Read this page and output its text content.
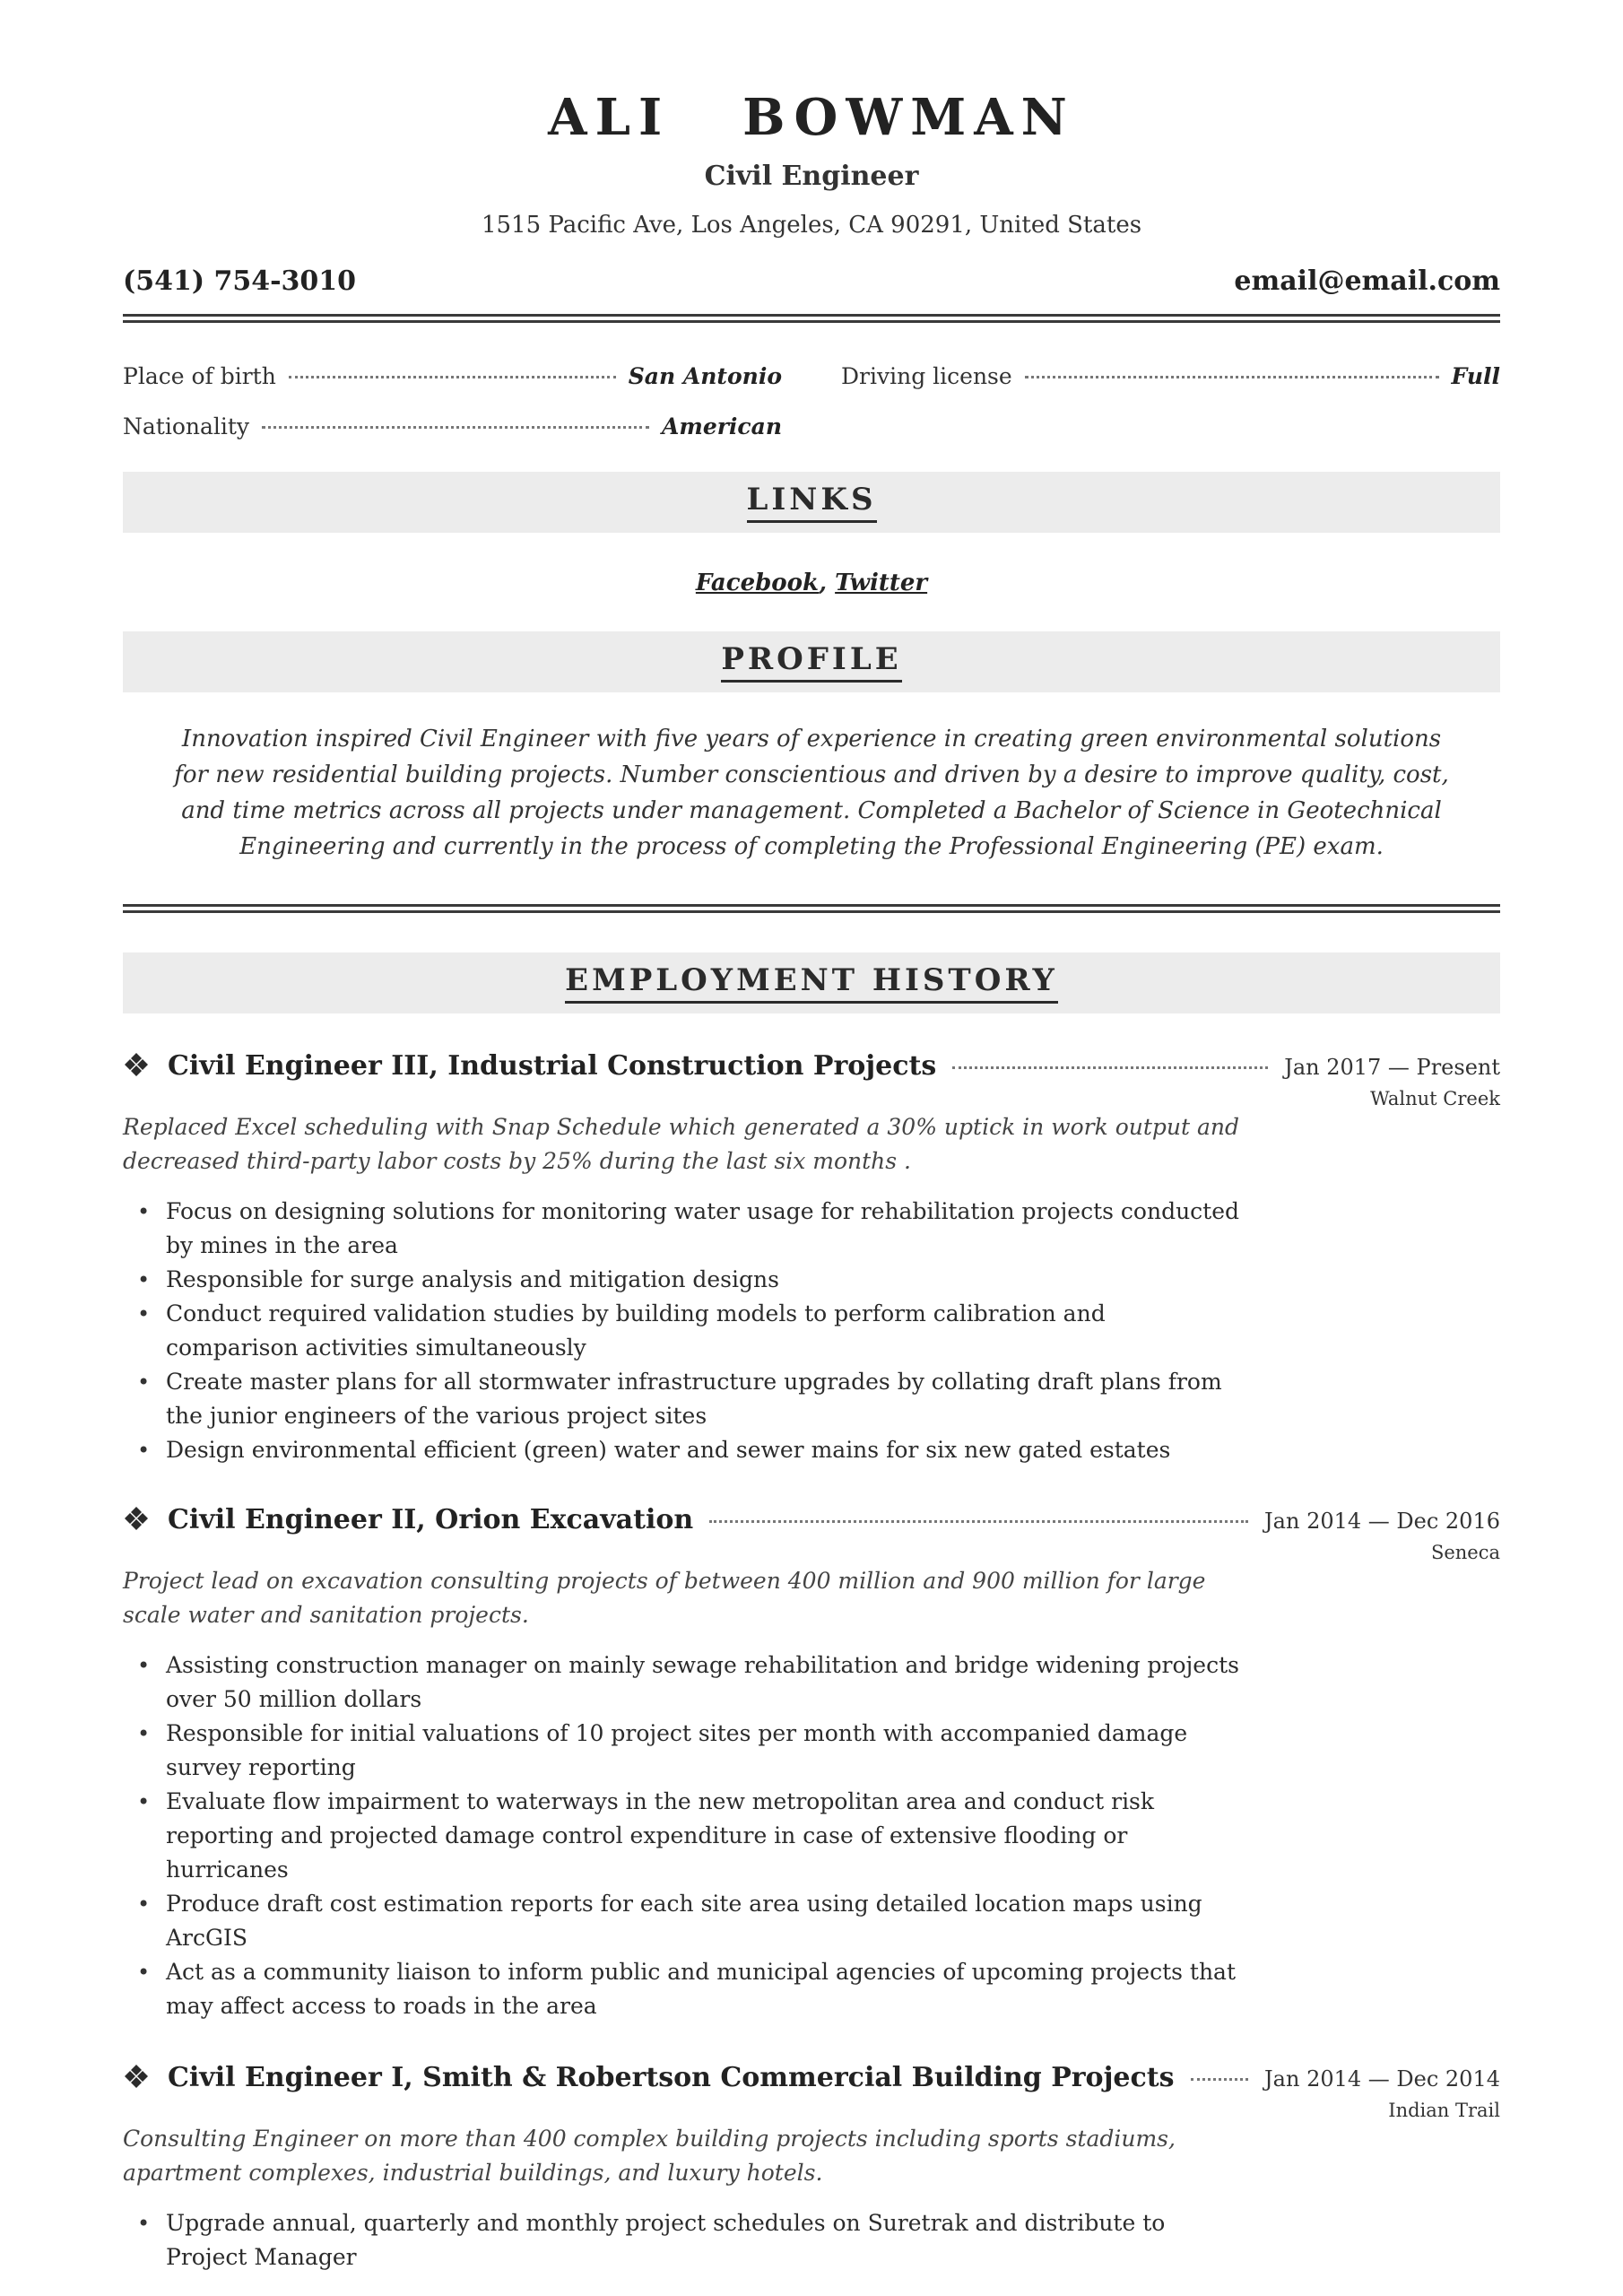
ALI  BOWMAN
Civil Engineer
1515 Pacific Ave, Los Angeles, CA 90291, United States
(541) 754-3010	email@email.com
Place of birth	San Antonio	Driving license	Full
Nationality	American
LINKS
Facebook, Twitter
PROFILE
Innovation inspired Civil Engineer with five years of experience in creating green environmental solutions for new residential building projects. Number conscientious and driven by a desire to improve quality, cost, and time metrics across all projects under management. Completed a Bachelor of Science in Geotechnical Engineering and currently in the process of completing the Professional Engineering (PE) exam.
EMPLOYMENT HISTORY
Civil Engineer III, Industrial Construction Projects	Jan 2017 — Present
Walnut Creek
Replaced Excel scheduling with Snap Schedule which generated a 30% uptick in work output and decreased third-party labor costs by 25% during the last six months .
• Focus on designing solutions for monitoring water usage for rehabilitation projects conducted by mines in the area
• Responsible for surge analysis and mitigation designs
• Conduct required validation studies by building models to perform calibration and comparison activities simultaneously
• Create master plans for all stormwater infrastructure upgrades by collating draft plans from the junior engineers of the various project sites
• Design environmental efficient (green) water and sewer mains for six new gated estates
Civil Engineer II, Orion Excavation	Jan 2014 — Dec 2016
Seneca
Project lead on excavation consulting projects of between 400 million and 900 million for large scale water and sanitation projects.
• Assisting construction manager on mainly sewage rehabilitation and bridge widening projects over 50 million dollars
• Responsible for initial valuations of 10 project sites per month with accompanied damage survey reporting
• Evaluate flow impairment to waterways in the new metropolitan area and conduct risk reporting and projected damage control expenditure in case of extensive flooding or hurricanes
• Produce draft cost estimation reports for each site area using detailed location maps using ArcGIS
• Act as a community liaison to inform public and municipal agencies of upcoming projects that may affect access to roads in the area
Civil Engineer I, Smith & Robertson Commercial Building Projects	Jan 2014 — Dec 2014
Indian Trail
Consulting Engineer on more than 400 complex building projects including sports stadiums, apartment complexes, industrial buildings, and luxury hotels.
• Upgrade annual, quarterly and monthly project schedules on Suretrak and distribute to Project Manager
